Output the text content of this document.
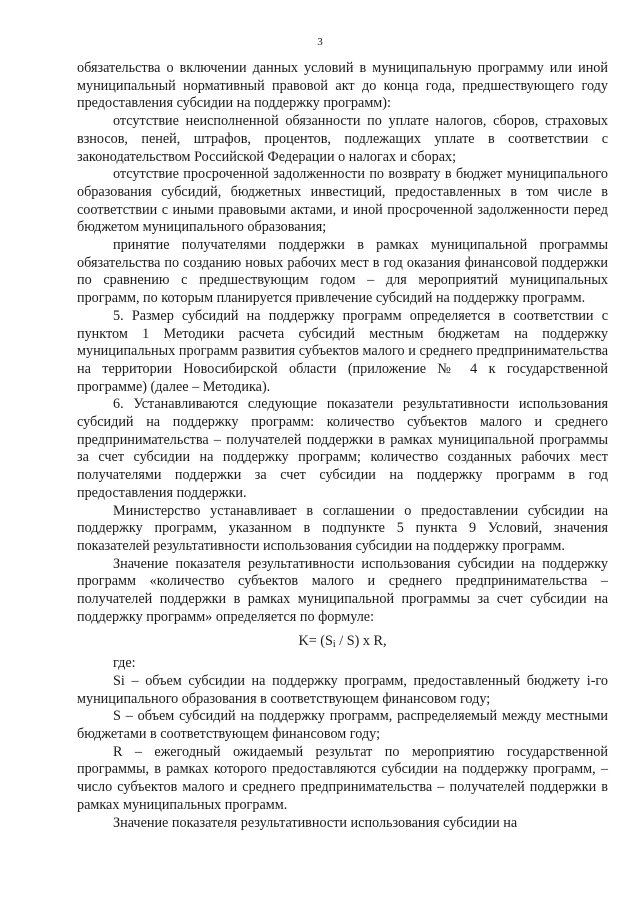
3

обязательства о включении данных условий в муниципальную программу или иной муниципальный нормативный правовой акт до конца года, предшествующего году предоставления субсидии на поддержку программ):

отсутствие неисполненной обязанности по уплате налогов, сборов, страховых взносов, пеней, штрафов, процентов, подлежащих уплате в соответствии с законодательством Российской Федерации о налогах и сборах;

отсутствие просроченной задолженности по возврату в бюджет муниципального образования субсидий, бюджетных инвестиций, предоставленных в том числе в соответствии с иными правовыми актами, и иной просроченной задолженности перед бюджетом муниципального образования;

принятие получателями поддержки в рамках муниципальной программы обязательства по созданию новых рабочих мест в год оказания финансовой поддержки по сравнению с предшествующим годом – для мероприятий муниципальных программ, по которым планируется привлечение субсидий на поддержку программ.

5. Размер субсидий на поддержку программ определяется в соответствии с пунктом 1 Методики расчета субсидий местным бюджетам на поддержку муниципальных программ развития субъектов малого и среднего предпринимательства на территории Новосибирской области (приложение № 4 к государственной программе) (далее – Методика).

6. Устанавливаются следующие показатели результативности использования субсидий на поддержку программ: количество субъектов малого и среднего предпринимательства – получателей поддержки в рамках муниципальной программы за счет субсидии на поддержку программ; количество созданных рабочих мест получателями поддержки за счет субсидии на поддержку программ в год предоставления поддержки.

Министерство устанавливает в соглашении о предоставлении субсидии на поддержку программ, указанном в подпункте 5 пункта 9 Условий, значения показателей результативности использования субсидии на поддержку программ.

Значение показателя результативности использования субсидии на поддержку программ «количество субъектов малого и среднего предпринимательства – получателей поддержки в рамках муниципальной программы за счет субсидии на поддержку программ» определяется по формуле:

$K= (S_i / S)$ x R,

где:

Si – объем субсидии на поддержку программ, предоставленный бюджету i-го муниципального образования в соответствующем финансовом году;

S – объем субсидий на поддержку программ, распределяемый между местными бюджетами в соответствующем финансовом году;

R – ежегодный ожидаемый результат по мероприятию государственной программы, в рамках которого предоставляются субсидии на поддержку программ, – число субъектов малого и среднего предпринимательства – получателей поддержки в рамках муниципальных программ.

Значение показателя результативности использования субсидии на
